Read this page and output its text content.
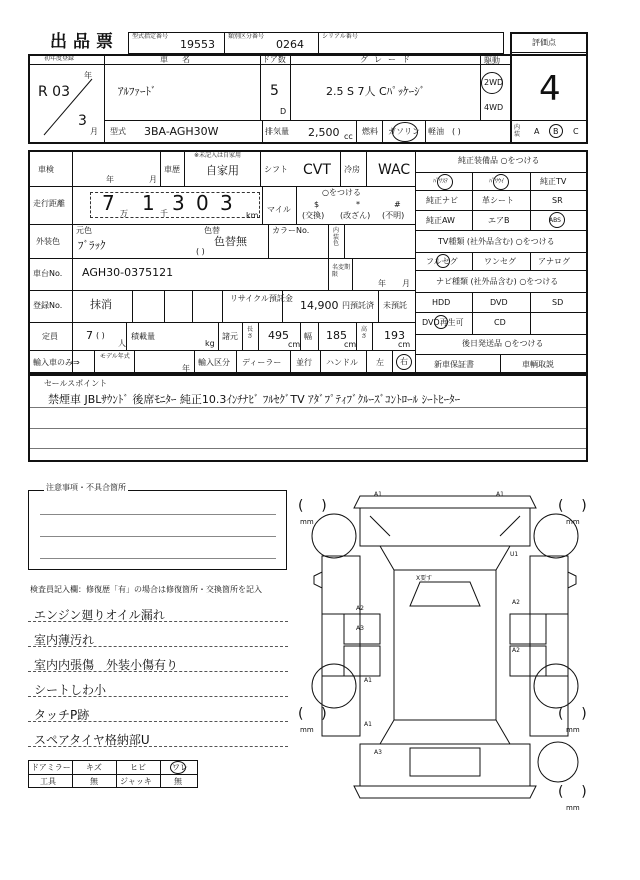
出品票 型式指定番号
19553
類別区分番号
0264
シリアル番号
評価点
4
初年度登録
R 03
年
3
月
車名
ｱﾙﾌｧｰﾄﾞ
ドア数
5
D
グレード
2.5 S 7人 Cﾊﾟｯｹｰｼﾞ
駆動
2WD
4WD
型式 3BA-AGH30W	排気量 2,500 cc
燃料 ガソリン 軽油 ( )	内装	A B C
車検
年	月
車歴
※未記入は自家用
自家用	シフト CVT 冷房 WAC
走行距離 7 万 1 千 3 0 3
km
マイル
○をつける
$
(交換)
*
(改ざん)
#
(不明)
外装色
元色
ﾌﾞﾗｯｸ
色替
色替無
( )
カラーNo.	内装色
車台No. AGH30-0375121	名変期限
年 月
登録No.	抹消	リサイクル預託金
14,900 円預託済 未預託
定員	7 ( )
人
積載量
kg
諸元
長さ 495
cm
幅 185
cm
高さ 193
cm
輸入車のみ⇒
モデル年式
年
輸入区分 ディーラー 並行 ハンドル 左 右
純正装備品 ○をつける
ﾊﾟﾜｽﾃ	ﾊﾟﾜｳｲ	純正TV
純正ナビ	革シート	SR
純正AW	エアB	ABS
TV種類 (社外品含む) ○をつける
フルセグ	ワンセグ	アナログ
ナビ種類 (社外品含む) ○をつける
HDD	DVD	SD
DVD再生可	CD
後日発送品 ○をつける
新車保証書	車輌取説
セールスポイント
禁煙車 JBLｻｳﾝﾄﾞ 後席ﾓﾆﾀｰ 純正10.3ｲﾝﾁﾅﾋﾞ ﾌﾙｾｸﾞTV ｱﾀﾞﾌﾟﾃｨﾌﾞｸﾙｰｽﾞｺﾝﾄﾛｰﾙ ｼｰﾄﾋｰﾀｰ
注意事項・不具合箇所
検査員記入欄：修復歴「有」の場合は修復箇所・交換箇所を記入
エンジン廻りオイル漏れ
室内薄汚れ
室内内張傷　外装小傷有り
シートしわ小
タッチP跡
スペアタイヤ格納部U
ドアミラー キズ	ヒビ	ワレ
工具	無	ジャッキ	無
A1	A1
U1
X要す
A2
A3
A2
A2
A1
A3
A1
(    )
mm
(    )
mm
(    )
mm
(    )
mm
(    )
mm
